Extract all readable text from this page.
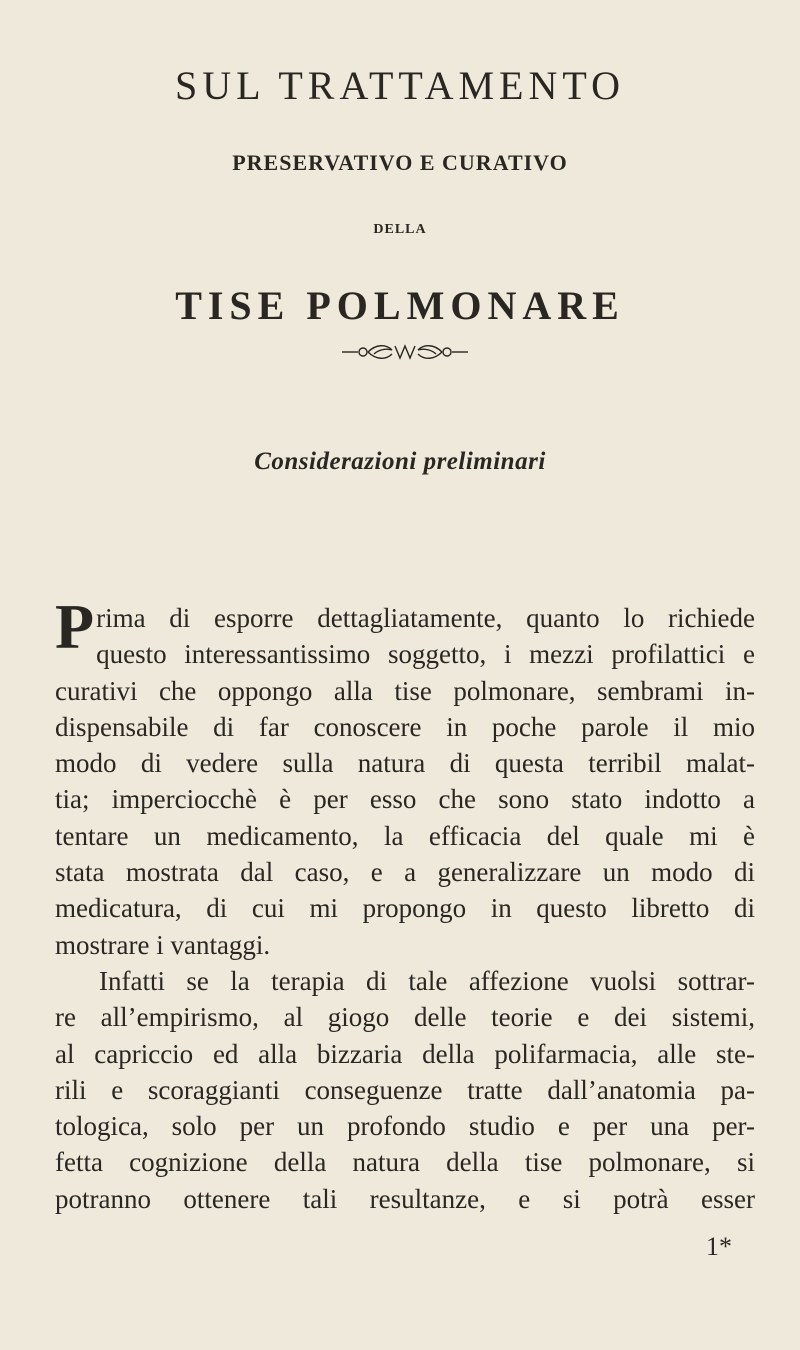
SUL TRATTAMENTO
PRESERVATIVO E CURATIVO
DELLA
TISE POLMONARE
Considerazioni preliminari
P rima di esporre dettagliatamente, quanto lo richiede
questo interessantissimo soggetto, i mezzi profilattici e
curativi che oppongo alla tise polmonare, sembrami in-
dispensabile di far conoscere in poche parole il mio
modo di vedere sulla natura di questa terribil malat-
tia; imperciocchè è per esso che sono stato indotto a
tentare un medicamento, la efficacia del quale mi è
stata mostrata dal caso, e a generalizzare un modo di
medicatura, di cui mi propongo in questo libretto di
mostrare i vantaggi.
Infatti se la terapia di tale affezione vuolsi sottrar-
re all’empirismo, al giogo delle teorie e dei sistemi,
al capriccio ed alla bizzaria della polifarmacia, alle ste-
rili e scoraggianti conseguenze tratte dall’anatomia pa-
tologica, solo per un profondo studio e per una per-
fetta cognizione della natura della tise polmonare, si
potranno ottenere tali resultanze, e si potrà esser
1*
